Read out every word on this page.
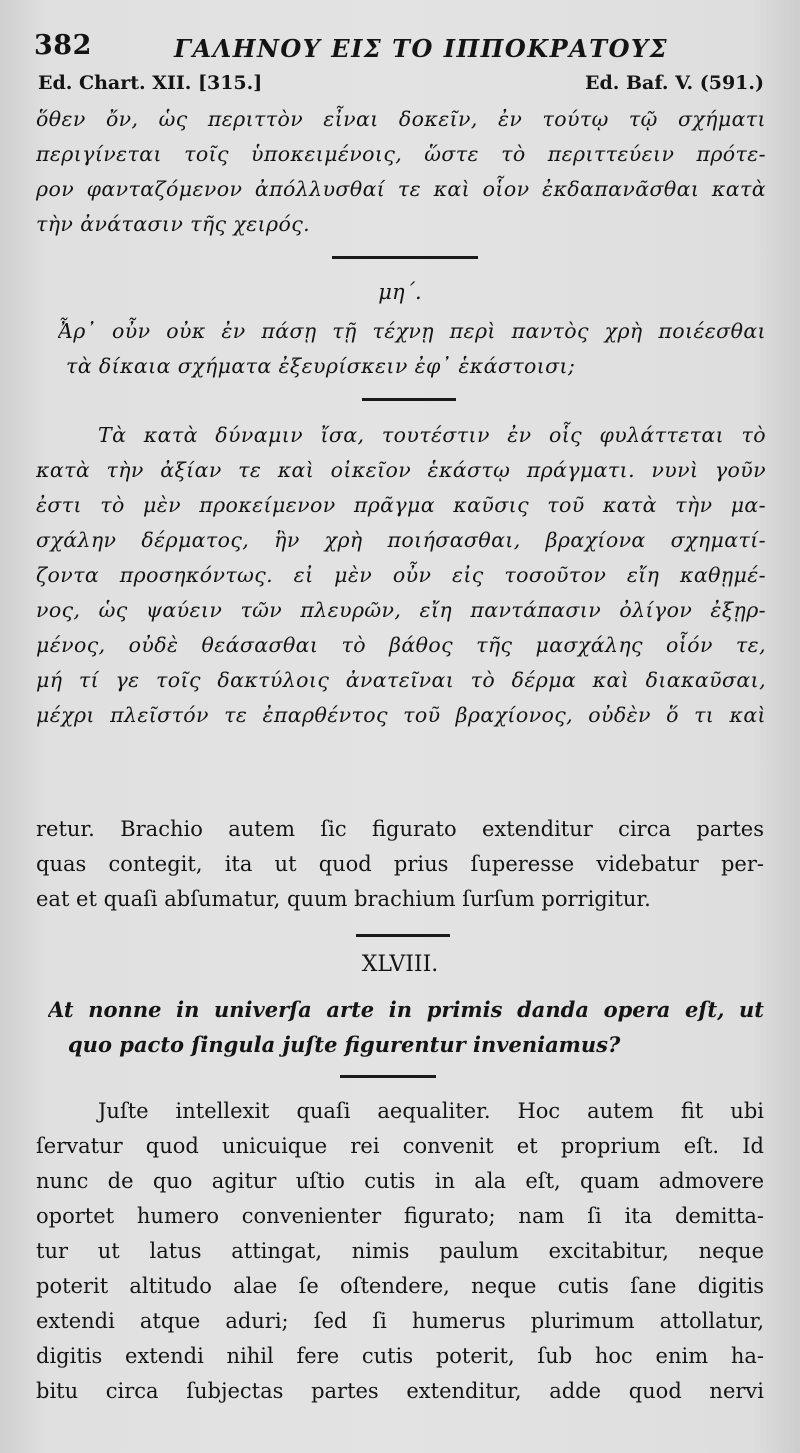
382	ΓΑΛΗΝΟΥ ΕΙΣ ΤΟ ΙΠΠΟΚΡΑΤΟΥΣ
Ed. Chart. XII. [315.]	Ed. Baf. V. (591.)
ὅθεν ὄν, ὡς περιττὸν εἶναι δοκεῖν, ἐν τούτῳ τῷ σχήματι
περιγίνεται τοῖς ὑποκειμένοις, ὥστε τὸ περιττεύειν πρότε-
ρον φανταζόμενον ἀπόλλυσθαί τε καὶ οἷον ἐκδαπανᾶσθαι κατὰ
τὴν ἀνάτασιν τῆς χειρός.
μη΄.
Ἆρ᾽ οὖν οὐκ ἐν πάσῃ τῇ τέχνῃ περὶ παντὸς χρὴ ποιέεσθαι
τὰ δίκαια σχήματα ἐξευρίσκειν ἐφ᾽ ἑκάστοισι;
Τὰ κατὰ δύναμιν ἴσα, τουτέστιν ἐν οἷς φυλάττεται τὸ
κατὰ τὴν ἀξίαν τε καὶ οἰκεῖον ἑκάστῳ πράγματι. νυνὶ γοῦν
ἐστι τὸ μὲν προκείμενον πρᾶγμα καῦσις τοῦ κατὰ τὴν μα-
σχάλην δέρματος, ἣν χρὴ ποιήσασθαι, βραχίονα σχηματί-
ζοντα προσηκόντως. εἰ μὲν οὖν εἰς τοσοῦτον εἴη καθῃμέ-
νος, ὡς ψαύειν τῶν πλευρῶν, εἴη παντάπασιν ὀλίγον ἐξῃρ-
μένος, οὐδὲ θεάσασθαι τὸ βάθος τῆς μασχάλης οἷόν τε,
μή τί γε τοῖς δακτύλοις ἀνατεῖναι τὸ δέρμα καὶ διακαῦσαι,
μέχρι πλεῖστόν τε ἐπαρθέντος τοῦ βραχίονος, οὐδὲν ὅ τι καὶ
retur. Brachio autem ſic figurato extenditur circa partes
quas contegit, ita ut quod prius ſuperesse videbatur per-
eat et quaſi abſumatur, quum brachium ſurſum porrigitur.
XLVIII.
At nonne in univerſa arte in primis danda opera eſt, ut
quo pacto ſingula juſte figurentur inveniamus?
Juſte intellexit quaſi aequaliter. Hoc autem fit ubi
ſervatur quod unicuique rei convenit et proprium eſt. Id
nunc de quo agitur uſtio cutis in ala eſt, quam admovere
oportet humero convenienter figurato; nam ſi ita demitta-
tur ut latus attingat, nimis paulum excitabitur, neque
poterit altitudo alae ſe oſtendere, neque cutis ſane digitis
extendi atque aduri; ſed ſi humerus plurimum attollatur,
digitis extendi nihil fere cutis poterit, ſub hoc enim ha-
bitu circa ſubjectas partes extenditur, adde quod nervi
